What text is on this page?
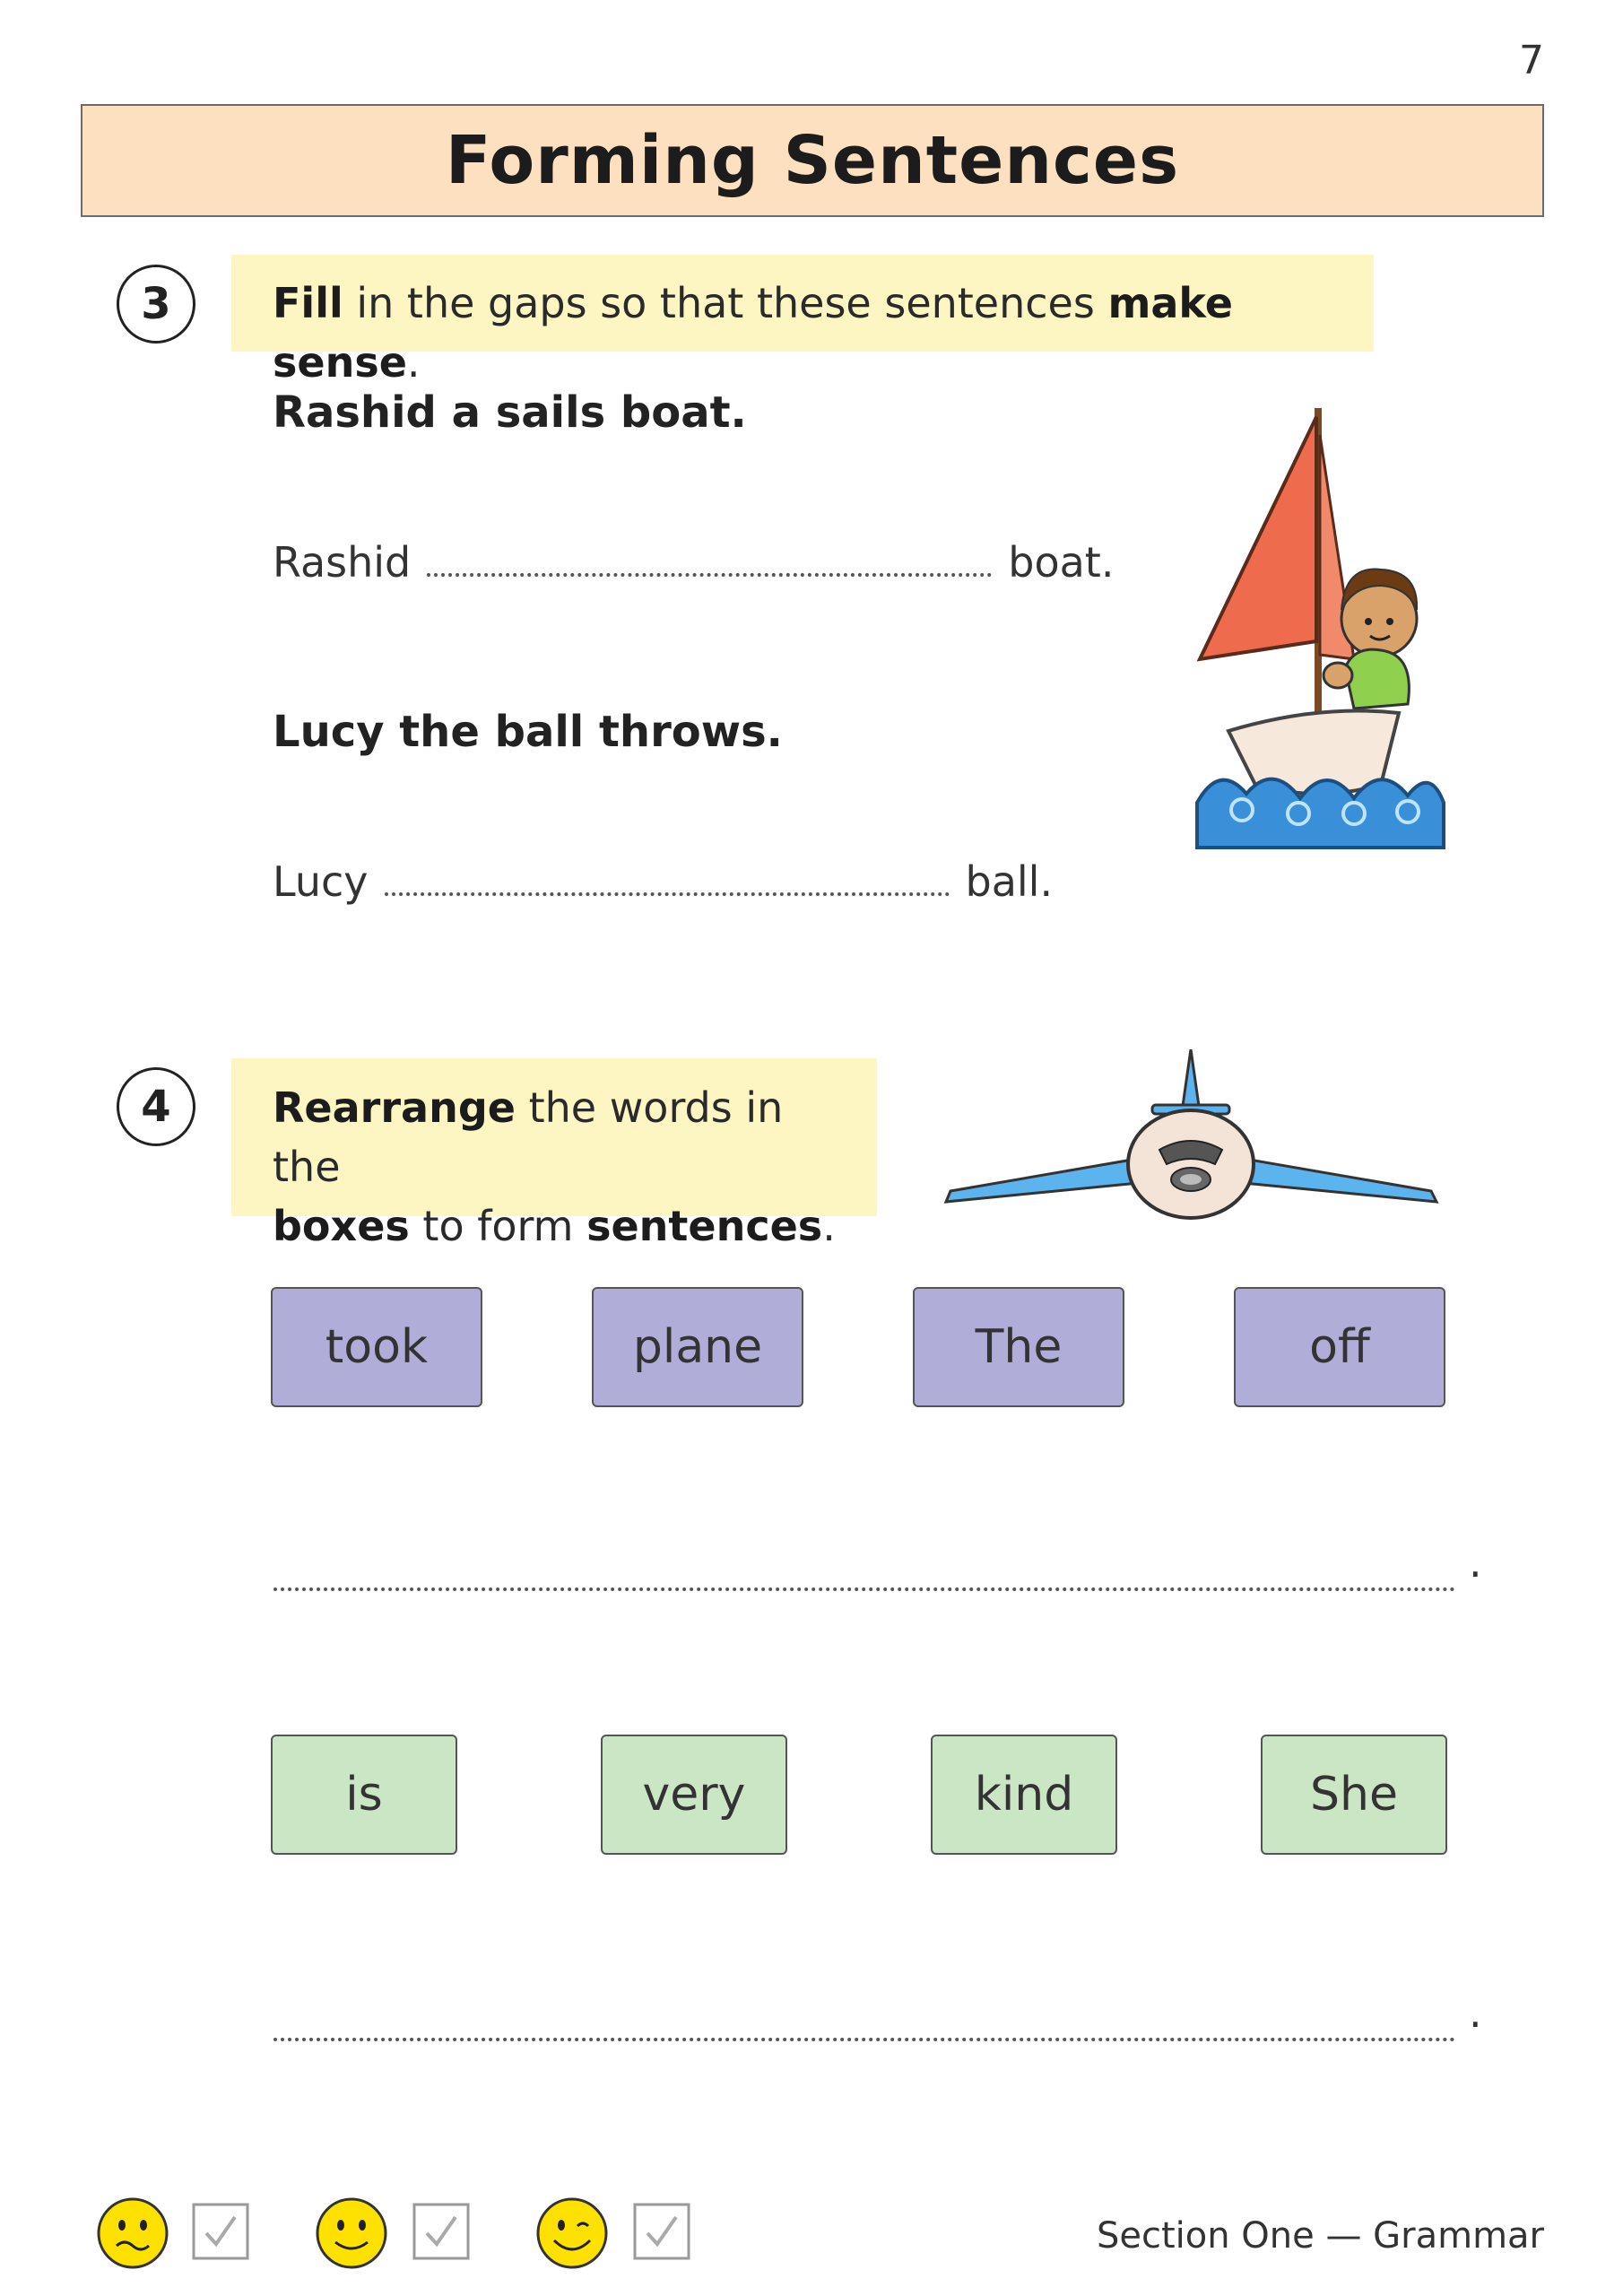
7
Forming Sentences
3	Fill in the gaps so that these sentences make sense.
Rashid a sails boat.
Rashid	boat.
Lucy the ball throws.
Lucy	ball.
4	Rearrange the words in the
boxes to form sentences.
took	plane	The	off
.
is	very	kind	She
.
Section One — Grammar
